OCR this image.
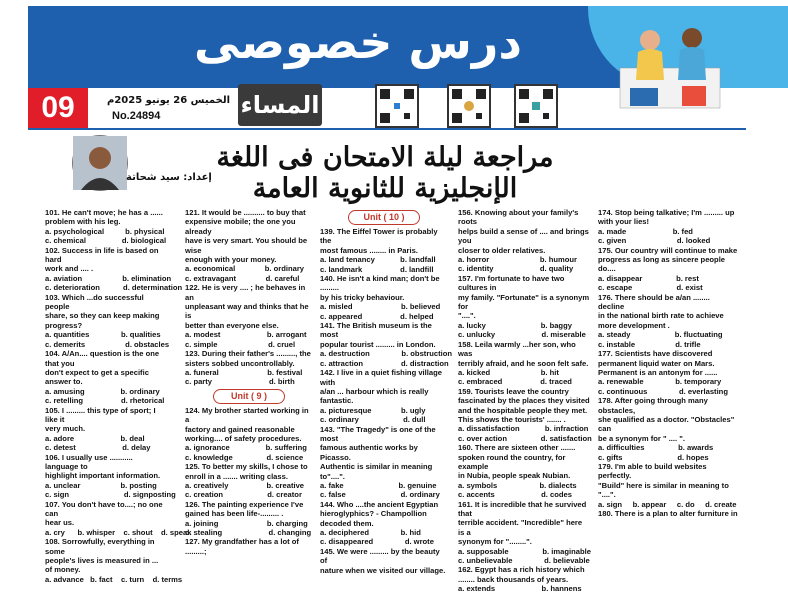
درس خصوصى
09	الخميس 26 يونيو 2025م
No.24894	المساء
إعداد: سيد شحاتة
مراجعة ليلة الامتحان فى اللغة الإنجليزية للثانوية العامة
101. He can't move; he has a ......
problem with his leg.
a. psychological          b. physical
c. chemical                 d. biological
102. Success in life is based on hard
work and .... .
a. aviation                   b. elimination
c. deterioration           d. determination
103. Which ...do successful people
share, so they can keep making
progress?
a. quantities               b. qualities
c. demerits                   d. obstacles
104. A/An.... question is the one that you
don't expect to get a specific answer to.
a. amusing                 b. ordinary
c. retelling                  d. rhetorical
105. I ......... this type of sport; I like it
very much.
a. adore                      b. deal
c. detest                      d. delay
106. I usually use ........... language to
highlight important information.
a. unclear                   b. posting
c. sign                          d. signposting
107. You don't have to....; no one can
hear us.
a. cry      b. whisper    c. shout    d. speak
108. Sorrowfully, everything in some
people's lives is measured in ... of money.
a. advance   b. fact    c. turn    d. terms
121. It would be .......... to buy that
expensive mobile; the one you already
have is very smart. You should be wise
enough with your money.
a. economical              b. ordinary
c. extravagant              d. careful
122. He is very .... ; he behaves in an
unpleasant way and thinks that he is
better than everyone else.
a. modest                      b. arrogant
c. simple                        d. cruel
123. During their father's ........., the
sisters sobbed uncontrollably.
a. funeral                       b. festival
c. party                           d. birth
Unit ( 9 )
124. My brother started working in a
factory and gained reasonable
working.... of safety procedures.
a. ignorance                 b. suffering
c. knowledge                d. science
125. To better my skills, I chose to
enroll in a ....... writing class.
a. creatively                  b. creative
c. creation                     d. creator
126. The painting experience I've
gained has been life-......... .
a. joining                       b. charging
c. stealing                      d. changing
127. My grandfather has a lot of .........;
Unit ( 10 )
139. The Eiffel Tower is probably the
most famous ........ in Paris.
a. land tenancy            b. landfall
c. landmark                  d. landfill
140. He isn't a kind man; don't be .........
by his tricky behaviour.
a. misled                       b. believed
c. appeared                  d. helped
141. The British museum is the most
popular tourist ......... in London.
a. destruction               b. obstruction
c. attraction                  d. distraction
142. I live in a quiet fishing village with
a/an ... harbour which is really fantastic.
a. picturesque              b. ugly
c. ordinary                     d. dull
143. "The Tragedy" is one of the most
famous authentic works by Picasso.
Authentic is similar in meaning to"....".
a. fake                          b. genuine
c. false                          d. ordinary
144. Who ....the ancient Egyptian
hieroglyphics? - Champollion decoded them.
a. deciphered               b. hid
c. disappeared               d. wrote
145. We were ......... by the beauty of
nature when we visited our village.
156. Knowing about your family's roots
helps build a sense of .... and brings you
closer to older relatives.
a. horror                        b. humour
c. identity                      d. quality
157. I'm fortunate to have two cultures in
my family. "Fortunate" is a synonym for
"....".
a. lucky                          b. baggy
c. unlucky                      d. miserable
158. Leila warmly ...her son, who was
terribly afraid, and he soon felt safe.
a. kicked                        b. hit
c. embraced                  d. traced
159. Tourists leave the country
fascinated by the places they visited
and the hospitable people they met.
This shows the tourists' ....... .
a. dissatisfaction            b. infraction
c. over action                d. satisfaction
160. There are sixteen other .......
spoken round the country, for example
in Nubia, people speak Nubian.
a. symbols                    b. dialects
c. accents                      d. codes
161. It is incredible that he survived that
terrible accident. "Incredible" here is a
synonym for "........".
a. supposable                b. imaginable
c. unbelievable               d. believable
162. Egypt has a rich history which
........ back thousands of years.
a. extends                      b. hannens
174. Stop being talkative; I'm ......... up
with your lies!
a. made                      b. fed
c. given                        d. looked
175. Our country will continue to make
progress as long as sincere people do....
a. disappear                b. rest
c. escape                     d. exist
176. There should be a/an ........ decline
in the national birth rate to achieve
more development .
a. steady                     b. fluctuating
c. instable                   d. trifle
177. Scientists have discovered
permanent liquid water on Mars.
Permanent is an antonym for ......
a. renewable               b. temporary
c. continuous               d. everlasting
178. After going through many obstacles,
she qualified as a doctor. "Obstacles" can
be a synonym for " .... ".
a. difficulties                b. awards
c. gifts                          d. hopes
179. I'm able to build websites perfectly.
"Build" here is similar in meaning to "....".
a. sign     b. appear     c. do     d. create
180. There is a plan to alter furniture in
